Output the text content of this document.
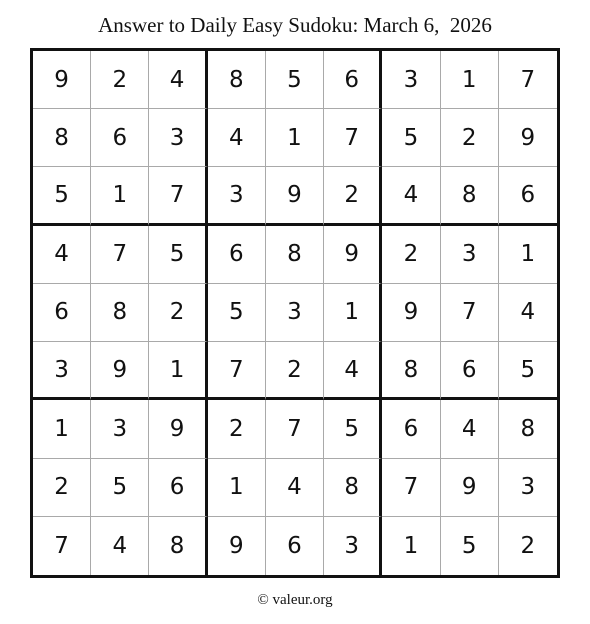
Answer to Daily Easy Sudoku: March 6,  2026
9	2	4	8	5	6	3	1	7
8	6	3	4	1	7	5	2	9
5	1	7	3	9	2	4	8	6
4	7	5	6	8	9	2	3	1
6	8	2	5	3	1	9	7	4
3	9	1	7	2	4	8	6	5
1	3	9	2	7	5	6	4	8
2	5	6	1	4	8	7	9	3
7	4	8	9	6	3	1	5	2
© valeur.org
